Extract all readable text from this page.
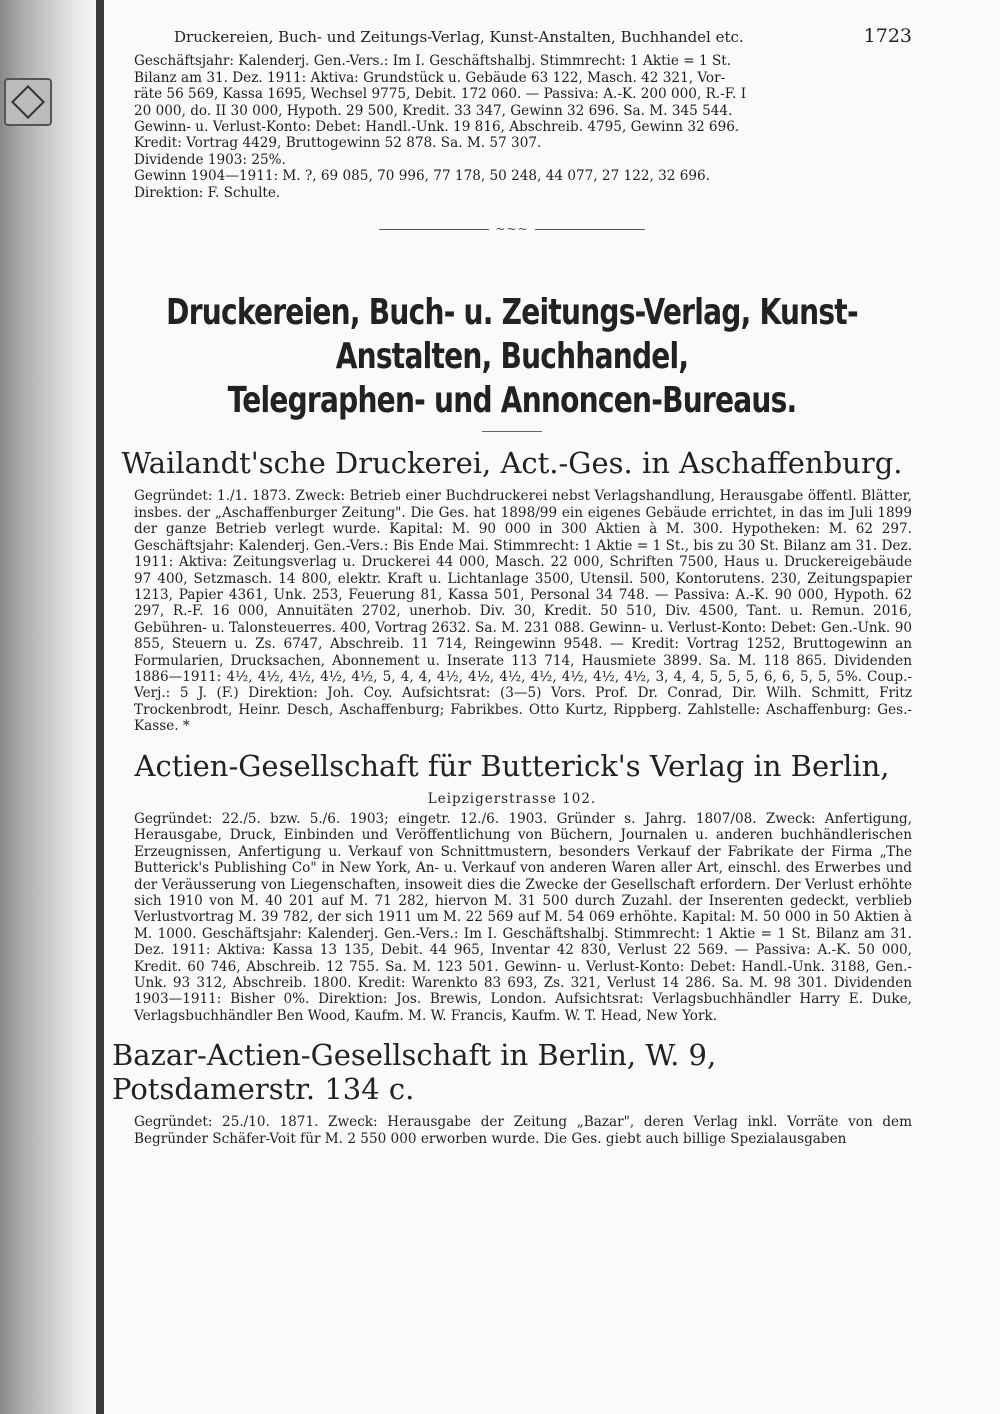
Druckereien, Buch- und Zeitungs-Verlag, Kunst-Anstalten, Buchhandel etc.	1723

Geschäftsjahr: Kalenderj. Gen.-Vers.: Im I. Geschäftshalbj. Stimmrecht: 1 Aktie = 1 St.

Bilanz am 31. Dez. 1911: Aktiva: Grundstück u. Gebäude 63 122, Masch. 42 321, Vor-

räte 56 569, Kassa 1695, Wechsel 9775, Debit. 172 060. — Passiva: A.-K. 200 000, R.-F. I

20 000, do. II 30 000, Hypoth. 29 500, Kredit. 33 347, Gewinn 32 696. Sa. M. 345 544.

Gewinn- u. Verlust-Konto: Debet: Handl.-Unk. 19 816, Abschreib. 4795, Gewinn 32 696.

Kredit: Vortrag 4429, Bruttogewinn 52 878. Sa. M. 57 307.

Dividende 1903: 25%.

Gewinn 1904—1911: M. ?, 69 085, 70 996, 77 178, 50 248, 44 077, 27 122, 32 696.

Direktion: F. Schulte.

~~~
Druckereien, Buch- u. Zeitungs-Verlag, Kunst-Anstalten, Buchhandel,
Telegraphen- und Annoncen-Bureaus.
Wailandt'sche Druckerei, Act.-Ges. in Aschaffenburg.

Gegründet: 1./1. 1873. Zweck: Betrieb einer Buchdruckerei nebst Verlagshandlung, Herausgabe öffentl. Blätter, insbes. der „Aschaffenburger Zeitung". Die Ges. hat 1898/99 ein eigenes Gebäude errichtet, in das im Juli 1899 der ganze Betrieb verlegt wurde. Kapital: M. 90 000 in 300 Aktien à M. 300. Hypotheken: M. 62 297. Geschäftsjahr: Kalenderj. Gen.-Vers.: Bis Ende Mai. Stimmrecht: 1 Aktie = 1 St., bis zu 30 St. Bilanz am 31. Dez. 1911: Aktiva: Zeitungsverlag u. Druckerei 44 000, Masch. 22 000, Schriften 7500, Haus u. Druckereigebäude 97 400, Setzmasch. 14 800, elektr. Kraft u. Lichtanlage 3500, Utensil. 500, Kontorutens. 230, Zeitungspapier 1213, Papier 4361, Unk. 253, Feuerung 81, Kassa 501, Personal 34 748. — Passiva: A.-K. 90 000, Hypoth. 62 297, R.-F. 16 000, Annuitäten 2702, unerhob. Div. 30, Kredit. 50 510, Div. 4500, Tant. u. Remun. 2016, Gebühren- u. Talonsteuerres. 400, Vortrag 2632. Sa. M. 231 088. Gewinn- u. Verlust-Konto: Debet: Gen.-Unk. 90 855, Steuern u. Zs. 6747, Abschreib. 11 714, Reingewinn 9548. — Kredit: Vortrag 1252, Bruttogewinn an Formularien, Drucksachen, Abonnement u. Inserate 113 714, Hausmiete 3899. Sa. M. 118 865. Dividenden 1886—1911: 4½, 4½, 4½, 4½, 4½, 5, 4, 4, 4½, 4½, 4½, 4½, 4½, 4½, 4½, 3, 4, 4, 5, 5, 5, 6, 6, 5, 5, 5%. Coup.-Verj.: 5 J. (F.) Direktion: Joh. Coy. Aufsichtsrat: (3—5) Vors. Prof. Dr. Conrad, Dir. Wilh. Schmitt, Fritz Trockenbrodt, Heinr. Desch, Aschaffenburg; Fabrikbes. Otto Kurtz, Rippberg. Zahlstelle: Aschaffenburg: Ges.-Kasse. *

Actien-Gesellschaft für Butterick's Verlag in Berlin,
Leipzigerstrasse 102.

Gegründet: 22./5. bzw. 5./6. 1903; eingetr. 12./6. 1903. Gründer s. Jahrg. 1807/08. Zweck: Anfertigung, Herausgabe, Druck, Einbinden und Veröffentlichung von Büchern, Journalen u. anderen buchhändlerischen Erzeugnissen, Anfertigung u. Verkauf von Schnittmustern, besonders Verkauf der Fabrikate der Firma „The Butterick's Publishing Co" in New York, An- u. Verkauf von anderen Waren aller Art, einschl. des Erwerbes und der Veräusserung von Liegenschaften, insoweit dies die Zwecke der Gesellschaft erfordern. Der Verlust erhöhte sich 1910 von M. 40 201 auf M. 71 282, hiervon M. 31 500 durch Zuzahl. der Inserenten gedeckt, verblieb Verlustvortrag M. 39 782, der sich 1911 um M. 22 569 auf M. 54 069 erhöhte. Kapital: M. 50 000 in 50 Aktien à M. 1000. Geschäftsjahr: Kalenderj. Gen.-Vers.: Im I. Geschäftshalbj. Stimmrecht: 1 Aktie = 1 St. Bilanz am 31. Dez. 1911: Aktiva: Kassa 13 135, Debit. 44 965, Inventar 42 830, Verlust 22 569. — Passiva: A.-K. 50 000, Kredit. 60 746, Abschreib. 12 755. Sa. M. 123 501. Gewinn- u. Verlust-Konto: Debet: Handl.-Unk. 3188, Gen.-Unk. 93 312, Abschreib. 1800. Kredit: Warenkto 83 693, Zs. 321, Verlust 14 286. Sa. M. 98 301. Dividenden 1903—1911: Bisher 0%. Direktion: Jos. Brewis, London. Aufsichtsrat: Verlagsbuchhändler Harry E. Duke, Verlagsbuchhändler Ben Wood, Kaufm. M. W. Francis, Kaufm. W. T. Head, New York.

Bazar-Actien-Gesellschaft in Berlin, W. 9, Potsdamerstr. 134 c.

Gegründet: 25./10. 1871. Zweck: Herausgabe der Zeitung „Bazar", deren Verlag inkl. Vorräte von dem Begründer Schäfer-Voit für M. 2 550 000 erworben wurde. Die Ges. giebt auch billige Spezialausgaben
